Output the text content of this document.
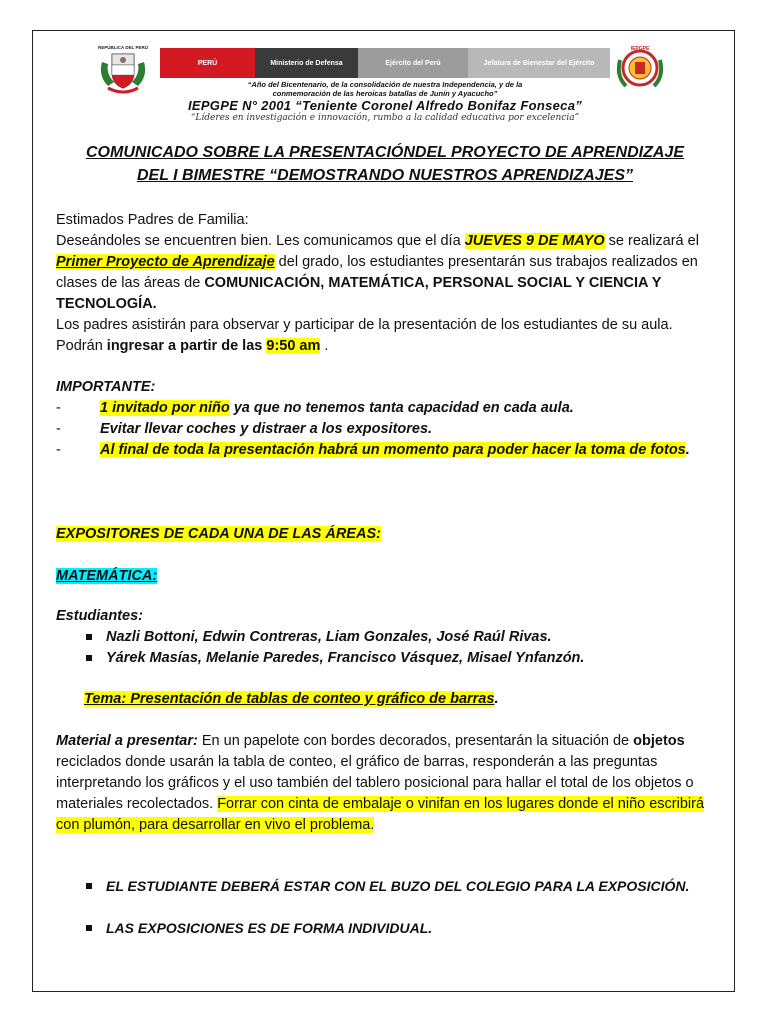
REPÚBLICA DEL PERÚ
PERÚ	Ministerio de Defensa	Ejército del Perú	Jefatura de Bienestar del Ejército
IEPGPE
“Año del Bicentenario, de la consolidación de nuestra Independencia, y de la
conmemoración de las heroicas batallas de Junín y Ayacucho”
IEPGPE N° 2001 “Teniente Coronel Alfredo Bonifaz Fonseca”
“Líderes en investigación e innovación, rumbo a la calidad educativa por excelencia”
COMUNICADO SOBRE LA PRESENTACIÓNDEL PROYECTO DE APRENDIZAJE
DEL I BIMESTRE “DEMOSTRANDO NUESTROS APRENDIZAJES”
Estimados Padres de Familia:
Deseándoles se encuentren bien. Les comunicamos que el día JUEVES 9 DE MAYO se realizará el Primer Proyecto de Aprendizaje del grado, los estudiantes presentarán sus trabajos realizados en clases de las áreas de COMUNICACIÓN, MATEMÁTICA, PERSONAL SOCIAL Y CIENCIA Y TECNOLOGÍA.
Los padres asistirán para observar y participar de la presentación de los estudiantes de su aula. Podrán ingresar a partir de las 9:50 am .
IMPORTANTE:
-	1 invitado por niño ya que no tenemos tanta capacidad en cada aula.
-	Evitar llevar coches y distraer a los expositores.
-	Al final de toda la presentación habrá un momento para poder hacer la toma de fotos.
EXPOSITORES DE CADA UNA DE LAS ÁREAS:
MATEMÁTICA:
Estudiantes:
Nazli Bottoni, Edwin Contreras, Liam Gonzales, José Raúl Rivas.
Yárek Masías, Melanie Paredes, Francisco Vásquez, Misael Ynfanzón.
Tema: Presentación de tablas de conteo y gráfico de barras.
Material a presentar: En un papelote con bordes decorados, presentarán la situación de objetos reciclados donde usarán la tabla de conteo, el gráfico de barras, responderán a las preguntas interpretando los gráficos y el uso también del tablero posicional para hallar el total de los objetos o materiales recolectados. Forrar con cinta de embalaje o vinifan en los lugares donde el niño escribirá con plumón, para desarrollar en vivo el problema.
EL ESTUDIANTE DEBERÁ ESTAR CON EL BUZO DEL COLEGIO PARA LA EXPOSICIÓN.
LAS EXPOSICIONES ES DE FORMA INDIVIDUAL.
